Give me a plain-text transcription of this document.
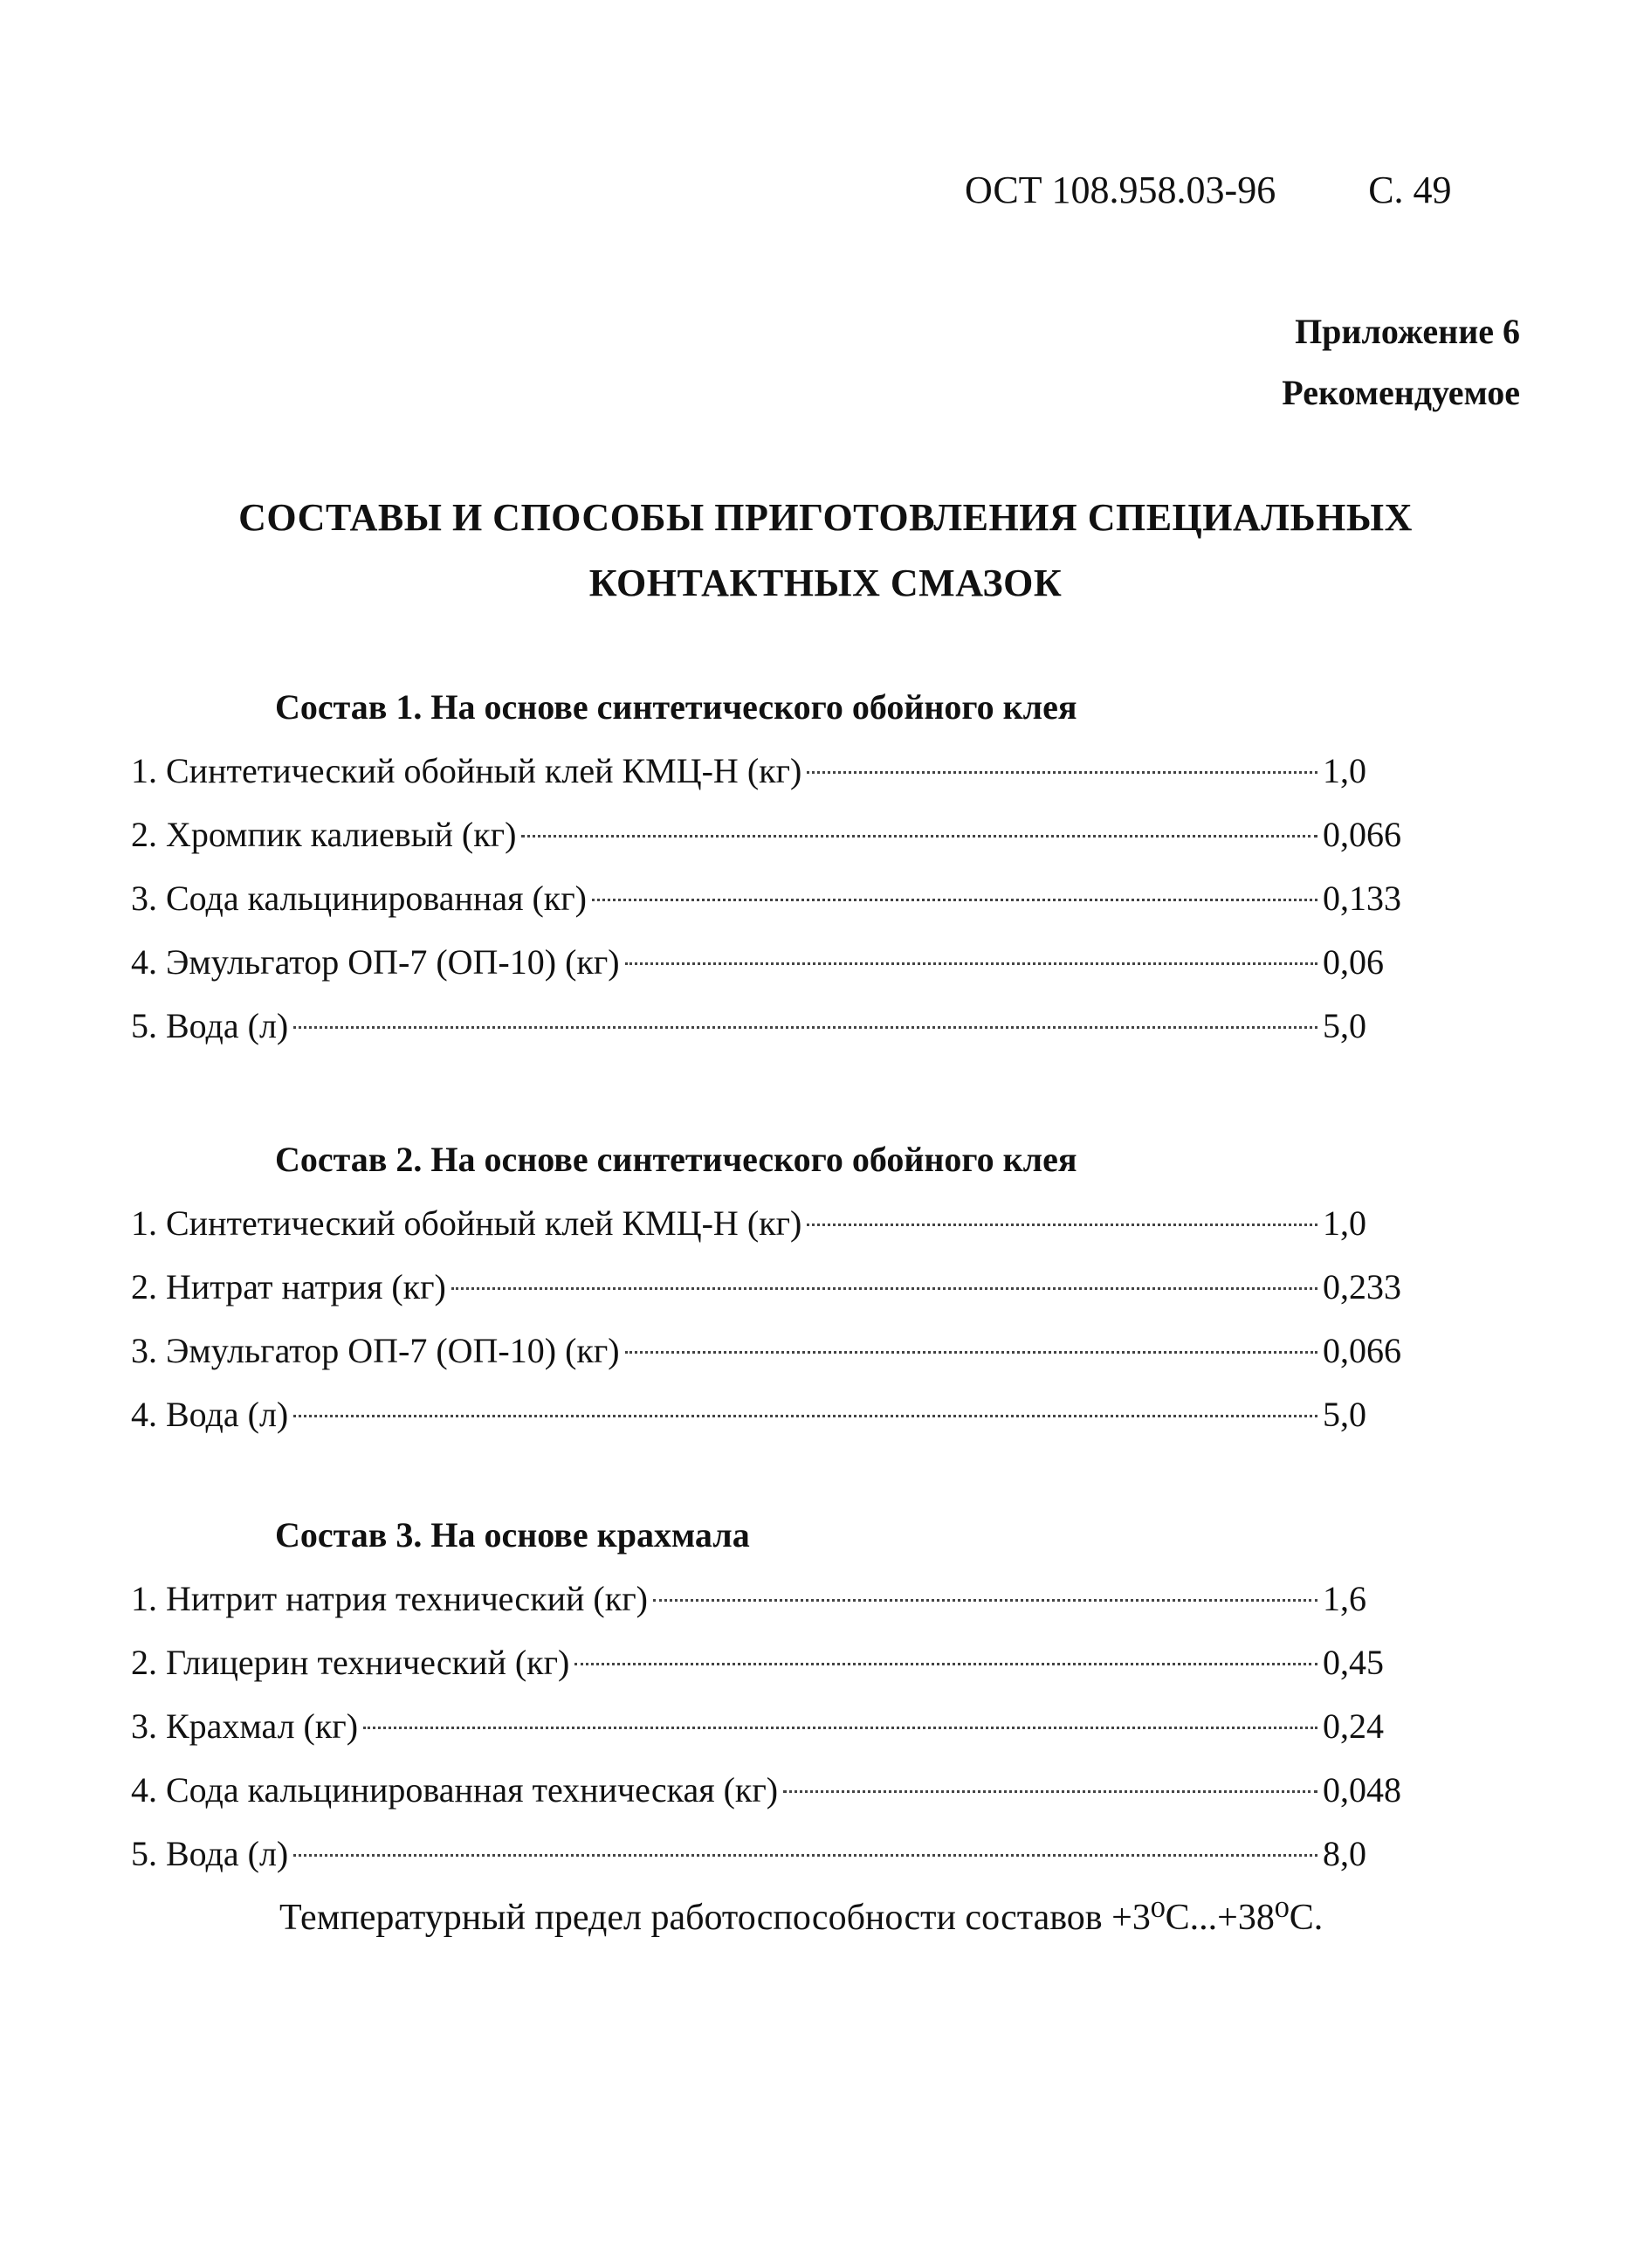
ОСТ 108.958.03-96 С. 49
Приложение 6
Рекомендуемое
СОСТАВЫ И СПОСОБЫ ПРИГОТОВЛЕНИЯ СПЕЦИАЛЬНЫХ
КОНТАКТНЫХ СМАЗОК
Состав 1. На основе синтетического обойного клея
1. Синтетический обойный клей КМЦ-Н (кг)	1,0
2. Хромпик калиевый (кг)	0,066
3. Сода кальцинированная (кг)	0,133
4. Эмульгатор ОП-7 (ОП-10) (кг)	0,06
5. Вода (л)	5,0
Состав 2. На основе синтетического обойного клея
1. Синтетический обойный клей КМЦ-Н (кг)	1,0
2. Нитрат натрия (кг)	0,233
3. Эмульгатор ОП-7 (ОП-10) (кг)	0,066
4. Вода (л)	5,0
Состав 3. На основе крахмала
1. Нитрит натрия технический (кг)	1,6
2. Глицерин технический (кг)	0,45
3. Крахмал (кг)	0,24
4. Сода кальцинированная техническая (кг)	0,048
5. Вода (л)	8,0
Температурный предел работоспособности составов +3⁰С...+38⁰С.
